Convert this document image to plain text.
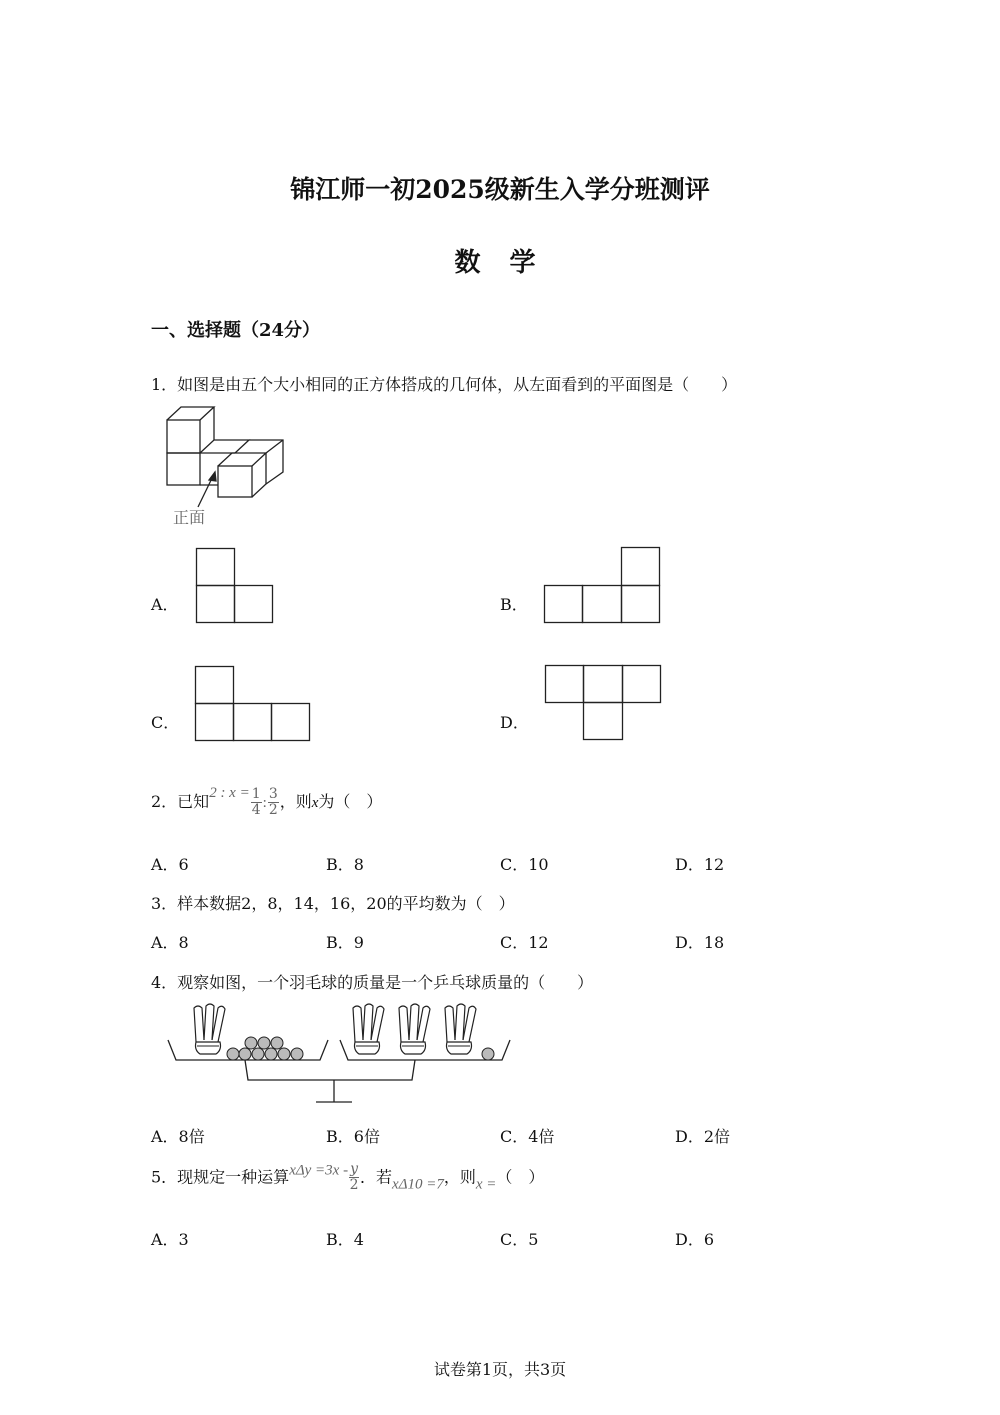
锦江师一初2025级新生入学分班测评
数 学
一、选择题（24分）
1．如图是由五个大小相同的正方体搭成的几何体，从左面看到的平面图是（　　）
正面
A．	B．
C．	D．
2．已知2 : $x = \frac{1}{4}$ : $\frac{3}{2}$ ，则x为（　）
A．6	B．8	C．10	D．12
3．样本数据2，8，14，16，20的平均数为（　）
A．8	B．9	C．12	D．18
4．观察如图，一个羽毛球的质量是一个乒乓球质量的（　　）
A．8倍	B．6倍	C．4倍	D．2倍
5．现规定一种运算$x\Delta y =3x - \frac{y}{2}$ ．若xΔ10 =7，则x =（　）
A．3	B．4	C．5	D．6
试卷第1页，共3页
